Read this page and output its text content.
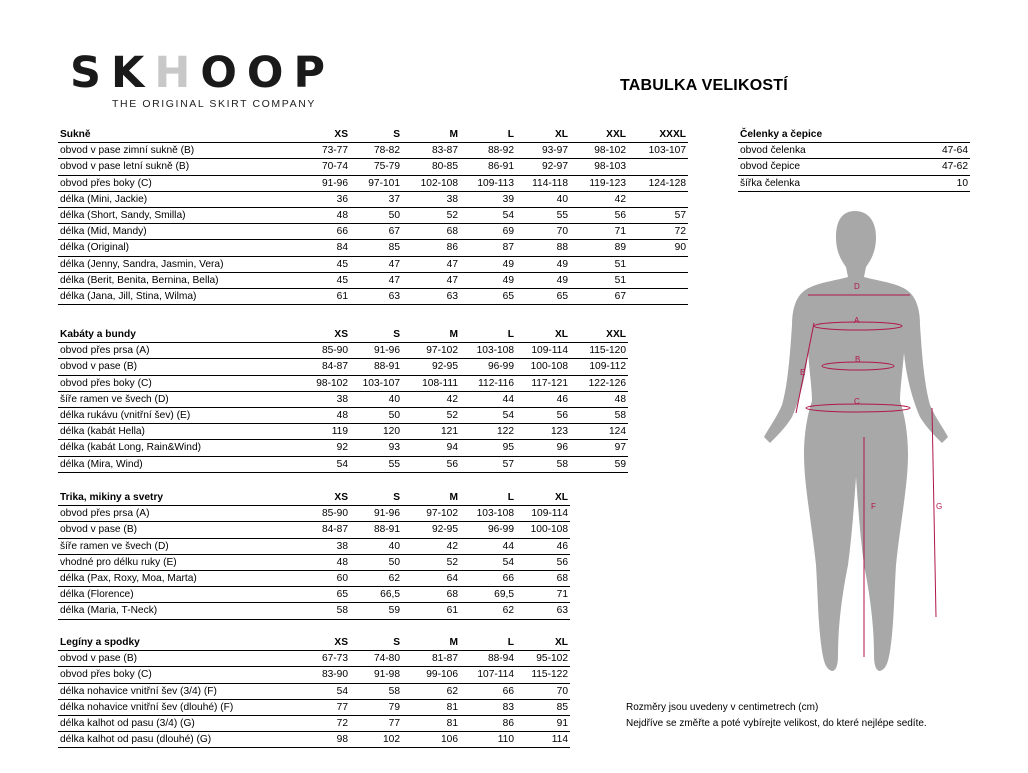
SKHOOP
THE ORIGINAL SKIRT COMPANY
TABULKA VELIKOSTÍ
Sukně	XS	S	M	L	XL	XXL	XXXL
obvod v pase zimní sukně (B)	73-77	78-82	83-87	88-92	93-97	98-102	103-107
obvod v pase letní sukně (B)	70-74	75-79	80-85	86-91	92-97	98-103	
obvod přes boky (C)	91-96	97-101	102-108	109-113	114-118	119-123	124-128
délka (Mini, Jackie)	36	37	38	39	40	42	
délka (Short, Sandy, Smilla)	48	50	52	54	55	56	57
délka (Mid, Mandy)	66	67	68	69	70	71	72
délka (Original)	84	85	86	87	88	89	90
délka (Jenny, Sandra, Jasmin, Vera)	45	47	47	49	49	51	
délka (Berit, Benita, Bernina, Bella)	45	47	47	49	49	51	
délka (Jana, Jill, Stina, Wilma)	61	63	63	65	65	67	
Kabáty a bundy	XS	S	M	L	XL	XXL
obvod přes prsa (A)	85-90	91-96	97-102	103-108	109-114	115-120
obvod v pase (B)	84-87	88-91	92-95	96-99	100-108	109-112
obvod přes boky (C)	98-102	103-107	108-111	112-116	117-121	122-126
šíře ramen ve švech (D)	38	40	42	44	46	48
délka rukávu (vnitřní šev) (E)	48	50	52	54	56	58
délka (kabát Hella)	119	120	121	122	123	124
délka (kabát Long, Rain&Wind)	92	93	94	95	96	97
délka (Mira, Wind)	54	55	56	57	58	59
Trika, mikiny a svetry	XS	S	M	L	XL
obvod přes prsa (A)	85-90	91-96	97-102	103-108	109-114
obvod v pase (B)	84-87	88-91	92-95	96-99	100-108
šíře ramen ve švech (D)	38	40	42	44	46
vhodné pro délku ruky (E)	48	50	52	54	56
délka (Pax, Roxy, Moa, Marta)	60	62	64	66	68
délka (Florence)	65	66,5	68	69,5	71
délka (Maria, T-Neck)	58	59	61	62	63
Legíny a spodky	XS	S	M	L	XL
obvod v pase (B)	67-73	74-80	81-87	88-94	95-102
obvod přes boky (C)	83-90	91-98	99-106	107-114	115-122
délka nohavice vnitřní šev (3/4) (F)	54	58	62	66	70
délka nohavice vnitřní šev (dlouhé) (F)	77	79	81	83	85
délka kalhot od pasu (3/4) (G)	72	77	81	86	91
délka kalhot od pasu (dlouhé) (G)	98	102	106	110	114
Čelenky a čepice	
obvod čelenka	47-64
obvod čepice	47-62
šířka čelenka	10
D
A
B
C
E
F	G
Rozměry jsou uvedeny v centimetrech (cm)
Nejdříve se změřte a poté vybírejte velikost, do které nejlépe sedíte.
